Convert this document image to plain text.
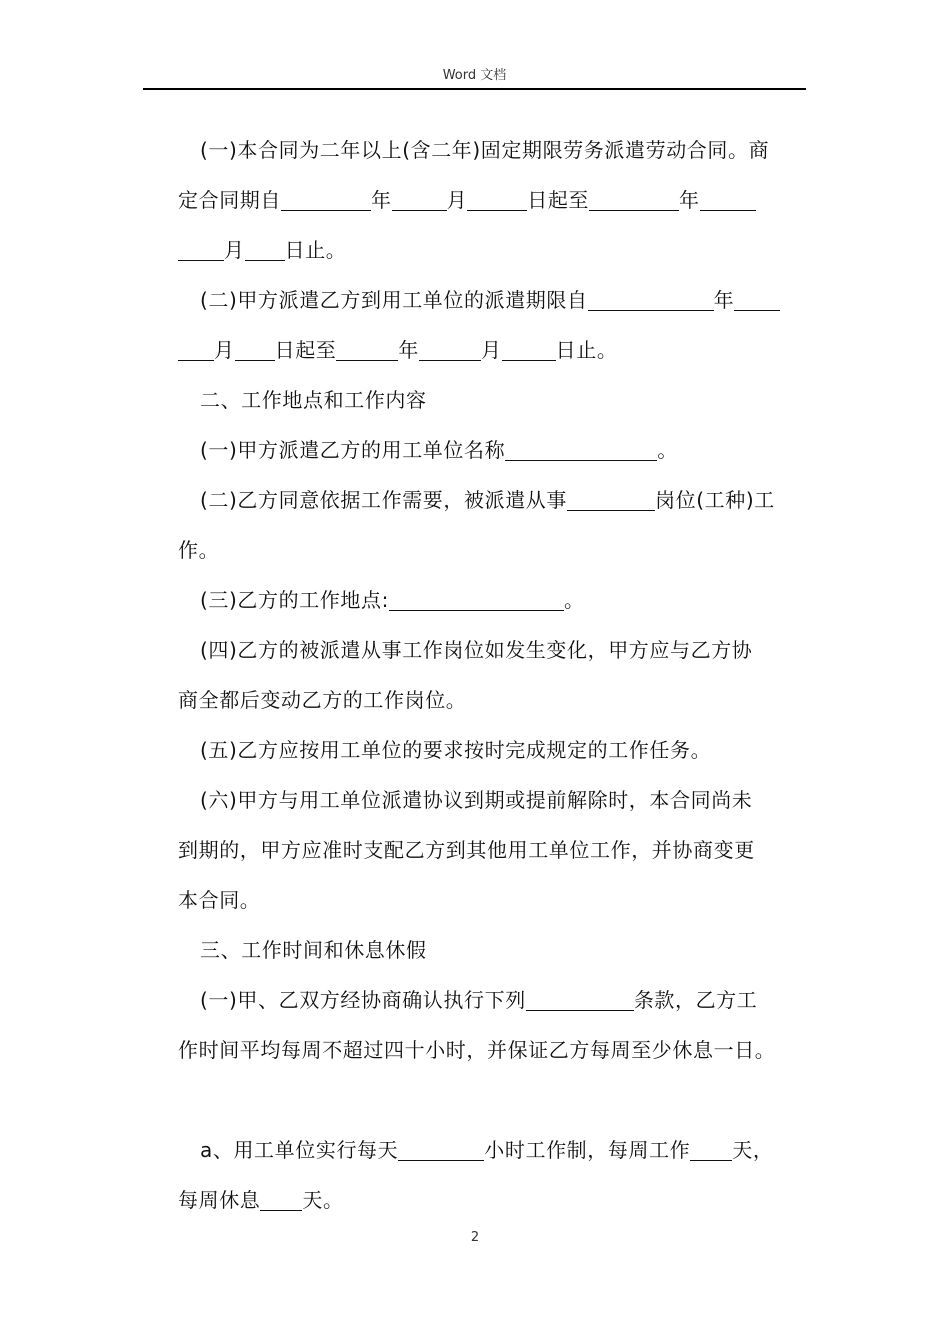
Word 文档
(一)本合同为二年以上(含二年)固定期限劳务派遣劳动合同。商
定合同期自	年	月	日起至	年
月 日止。
(二)甲方派遣乙方到用工单位的派遣期限自	年
月 日起至	年	月	日止。
二、工作地点和工作内容
(一)甲方派遣乙方的用工单位名称	。
(二)乙方同意依据工作需要，被派遣从事	岗位(工种)工
作。
(三)乙方的工作地点:	。
(四)乙方的被派遣从事工作岗位如发生变化，甲方应与乙方协
商全都后变动乙方的工作岗位。
(五)乙方应按用工单位的要求按时完成规定的工作任务。
(六)甲方与用工单位派遣协议到期或提前解除时，本合同尚未
到期的，甲方应准时支配乙方到其他用工单位工作，并协商变更
本合同。
三、工作时间和休息休假
(一)甲、乙双方经协商确认执行下列	条款，乙方工
作时间平均每周不超过四十小时，并保证乙方每周至少休息一日。
a、用工单位实行每天	小时工作制，每周工作 天，
每周休息 天。
2
